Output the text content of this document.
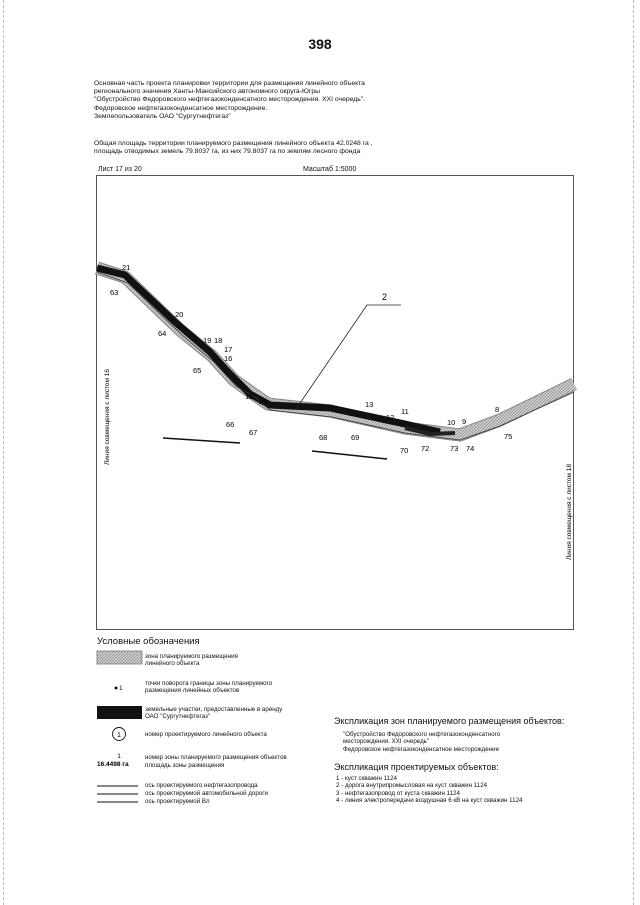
398
Основная часть проекта планировки территории для размещения линейного объекта
регионального значения Ханты-Мансийского автономного округа-Югры
"Обустройство Федоровского нефтегазоконденсатного месторождения. XXI очередь".
Федоровское нефтегазоконденсатное месторождение.
Землепользователь ОАО "Сургутнефтегаз"
Общая площадь территории планируемого размещения линейного объекта 42.0248 га ,
площадь отводимых земель 79.8037 га, из них 79.8037 га по землям лесного фонда
Лист 17 из 20	Масштаб 1:5000
2
Линия совмещения с листом 16
Линия совмещения с листом 18
21
63
20
64
19 18
17
16
65
15
14
66
67
13
68	69
12
11
70 72
10 9
73 74
8
75
1
1
1
16.4498 га
Условные обозначения
зона планируемого размещения линейного объекта
точки поворота границы зоны планируемого размещения линейных объектов
земельные участки, предоставленные в аренду ОАО "Сургутнефтегаз"
номер проектируемого линейного объекта
номер зоны планируемого размещения объектов
площадь зоны размещения
ось проектируемого нефтегазопровода
ось проектируемой автомобильной дороги
ось проектируемой Вл
Экспликация зон планируемого размещения объектов:
"Обустройство Федоровского нефтегазоконденсатного
месторождения. XXI очередь"
Федоровское нефтегазоконденсатное месторождение
Экспликация проектируемых объектов:
1 - куст скважин 1124
2 - дорога внутрипромысловая на куст скважин 1124
3 - нефтегазопровод от куста скважин 1124
4 - линия электропередачи воздушная 6 кВ на куст скважин 1124
